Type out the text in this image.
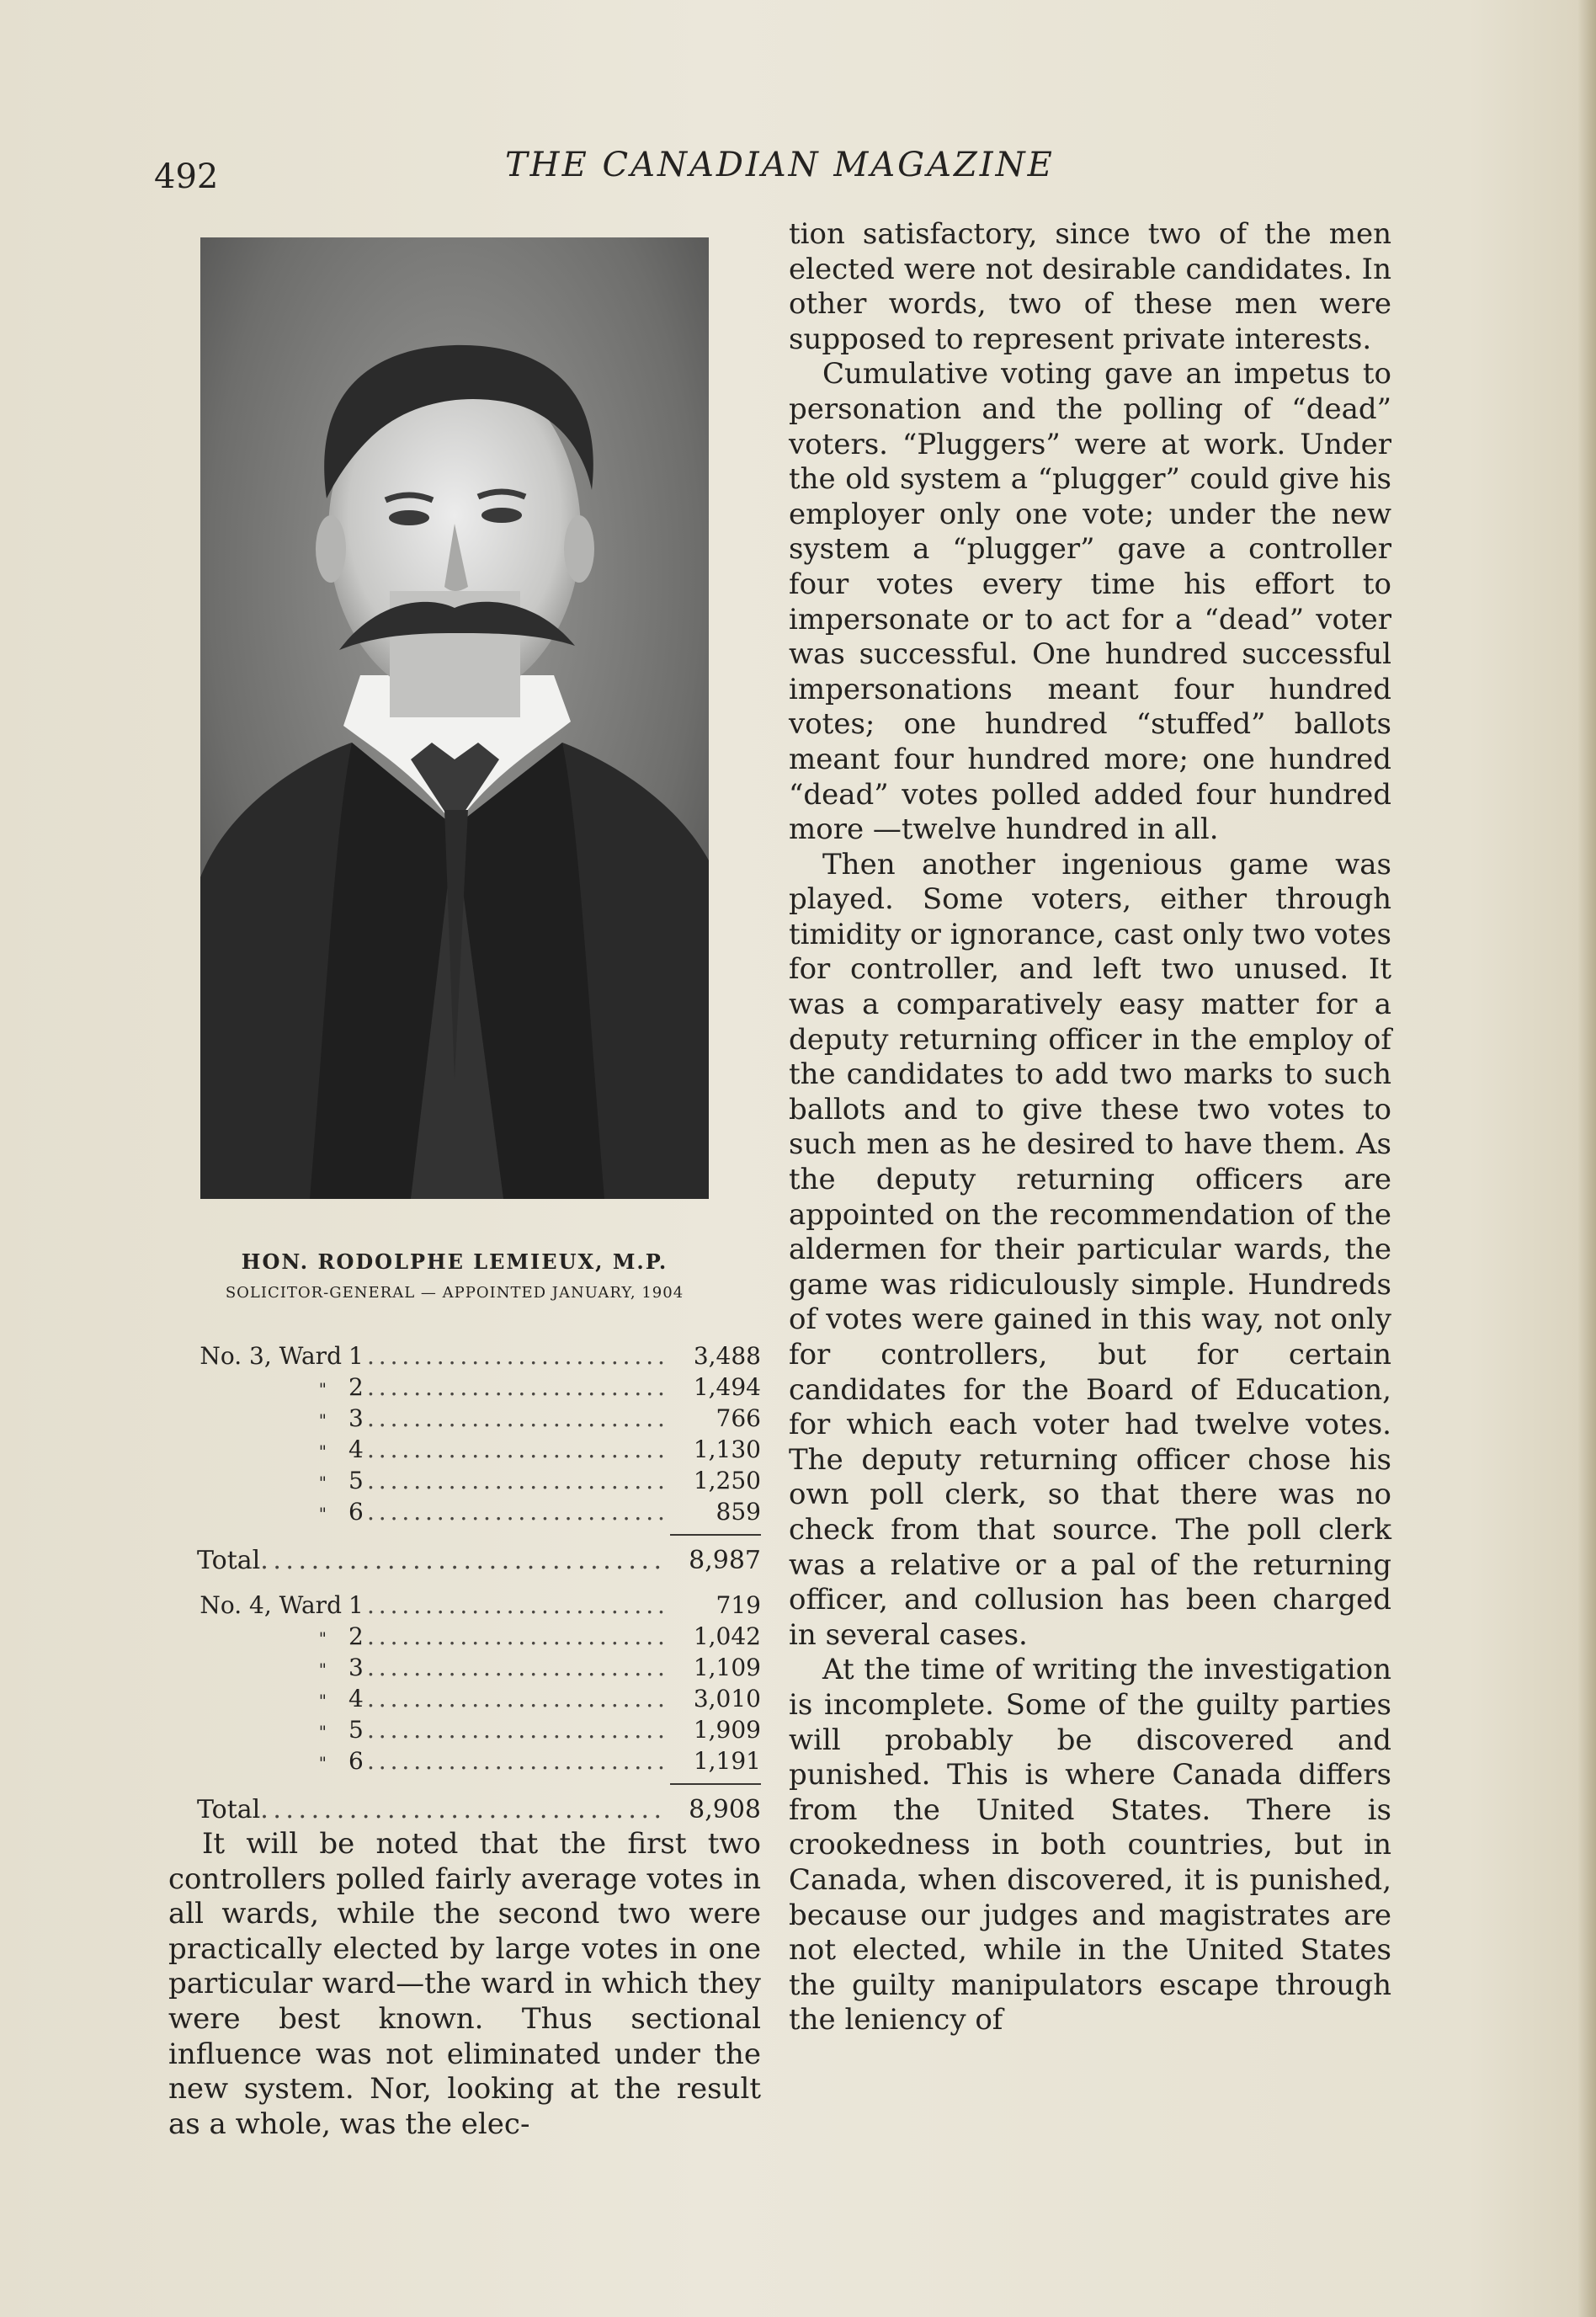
492	THE CANADIAN MAGAZINE
HON. RODOLPHE LEMIEUX, M.P.
SOLICITOR-GENERAL — APPOINTED JANUARY, 1904
No. 3, Ward 1 . . .	3,488
" 2 . . .	1,494
" 3 . . .	766
" 4 . . .	1,130
" 5 . . .	1,250
" 6 . . .	859
Total . . .	8,987
No. 4, Ward 1 . . .	719
" 2 . . .	1,042
" 3 . . .	1,109
" 4 . . .	3,010
" 5 . . .	1,909
" 6 . . .	1,191
Total . . .	8,908

It will be noted that the first two controllers polled fairly average votes in all wards, while the second two were practically elected by large votes in one particular ward—the ward in which they were best known. Thus sectional influence was not eliminated under the new system. Nor, looking at the result as a whole, was the elec-

tion satisfactory, since two of the men elected were not desirable candidates. In other words, two of these men were supposed to represent private interests.

Cumulative voting gave an impetus to personation and the polling of “dead” voters. “Pluggers” were at work. Under the old system a “plugger” could give his employer only one vote; under the new system a “plugger” gave a controller four votes every time his effort to impersonate or to act for a “dead” voter was successful. One hundred successful impersonations meant four hundred votes; one hundred “stuffed” ballots meant four hundred more; one hundred “dead” votes polled added four hundred more —twelve hundred in all.

Then another ingenious game was played. Some voters, either through timidity or ignorance, cast only two votes for controller, and left two unused. It was a comparatively easy matter for a deputy returning officer in the employ of the candidates to add two marks to such ballots and to give these two votes to such men as he desired to have them. As the deputy returning officers are appointed on the recommendation of the aldermen for their particular wards, the game was ridiculously simple. Hundreds of votes were gained in this way, not only for controllers, but for certain candidates for the Board of Education, for which each voter had twelve votes. The deputy returning officer chose his own poll clerk, so that there was no check from that source. The poll clerk was a relative or a pal of the returning officer, and collusion has been charged in several cases.

At the time of writing the investigation is incomplete. Some of the guilty parties will probably be discovered and punished. This is where Canada differs from the United States. There is crookedness in both countries, but in Canada, when discovered, it is punished, because our judges and magistrates are not elected, while in the United States the guilty manipulators escape through the leniency of
